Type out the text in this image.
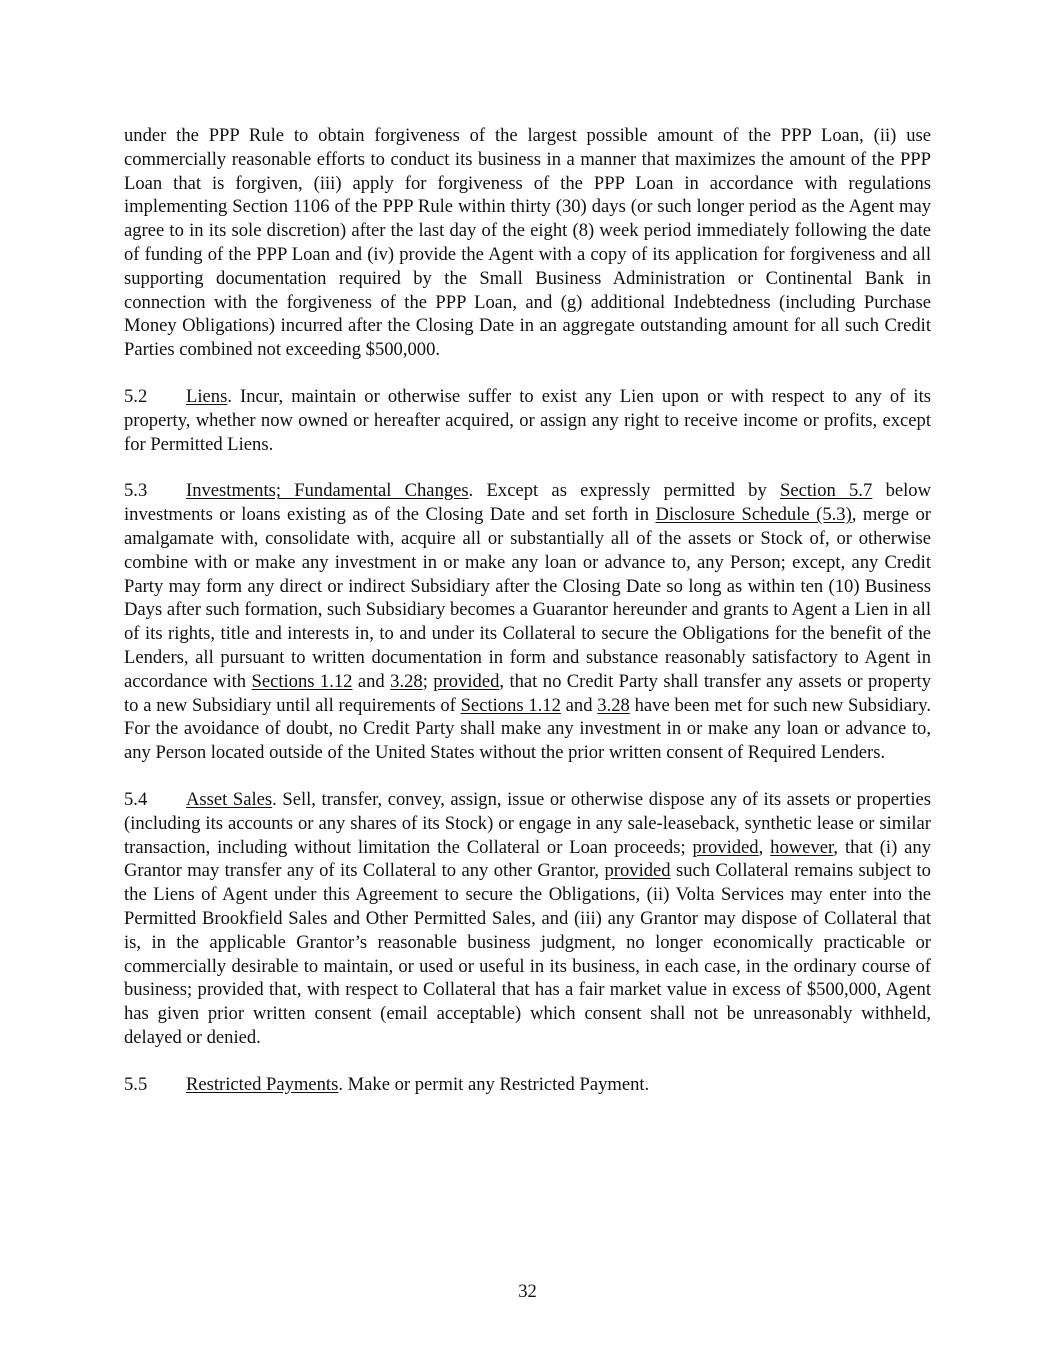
under the PPP Rule to obtain forgiveness of the largest possible amount of the PPP Loan, (ii) use commercially reasonable efforts to conduct its business in a manner that maximizes the amount of the PPP Loan that is forgiven, (iii) apply for forgiveness of the PPP Loan in accordance with regulations implementing Section 1106 of the PPP Rule within thirty (30) days (or such longer period as the Agent may agree to in its sole discretion) after the last day of the eight (8) week period immediately following the date of funding of the PPP Loan and (iv) provide the Agent with a copy of its application for forgiveness and all supporting documentation required by the Small Business Administration or Continental Bank in connection with the forgiveness of the PPP Loan, and (g) additional Indebtedness (including Purchase Money Obligations) incurred after the Closing Date in an aggregate outstanding amount for all such Credit Parties combined not exceeding $500,000.

5.2 Liens. Incur, maintain or otherwise suffer to exist any Lien upon or with respect to any of its property, whether now owned or hereafter acquired, or assign any right to receive income or profits, except for Permitted Liens.

5.3 Investments; Fundamental Changes. Except as expressly permitted by Section 5.7 below investments or loans existing as of the Closing Date and set forth in Disclosure Schedule (5.3), merge or amalgamate with, consolidate with, acquire all or substantially all of the assets or Stock of, or otherwise combine with or make any investment in or make any loan or advance to, any Person; except, any Credit Party may form any direct or indirect Subsidiary after the Closing Date so long as within ten (10) Business Days after such formation, such Subsidiary becomes a Guarantor hereunder and grants to Agent a Lien in all of its rights, title and interests in, to and under its Collateral to secure the Obligations for the benefit of the Lenders, all pursuant to written documentation in form and substance reasonably satisfactory to Agent in accordance with Sections 1.12 and 3.28; provided, that no Credit Party shall transfer any assets or property to a new Subsidiary until all requirements of Sections 1.12 and 3.28 have been met for such new Subsidiary. For the avoidance of doubt, no Credit Party shall make any investment in or make any loan or advance to, any Person located outside of the United States without the prior written consent of Required Lenders.

5.4 Asset Sales. Sell, transfer, convey, assign, issue or otherwise dispose any of its assets or properties (including its accounts or any shares of its Stock) or engage in any sale-leaseback, synthetic lease or similar transaction, including without limitation the Collateral or Loan proceeds; provided, however, that (i) any Grantor may transfer any of its Collateral to any other Grantor, provided such Collateral remains subject to the Liens of Agent under this Agreement to secure the Obligations, (ii) Volta Services may enter into the Permitted Brookfield Sales and Other Permitted Sales, and (iii) any Grantor may dispose of Collateral that is, in the applicable Grantor’s reasonable business judgment, no longer economically practicable or commercially desirable to maintain, or used or useful in its business, in each case, in the ordinary course of business; provided that, with respect to Collateral that has a fair market value in excess of $500,000, Agent has given prior written consent (email acceptable) which consent shall not be unreasonably withheld, delayed or denied.

5.5 Restricted Payments. Make or permit any Restricted Payment.

32
